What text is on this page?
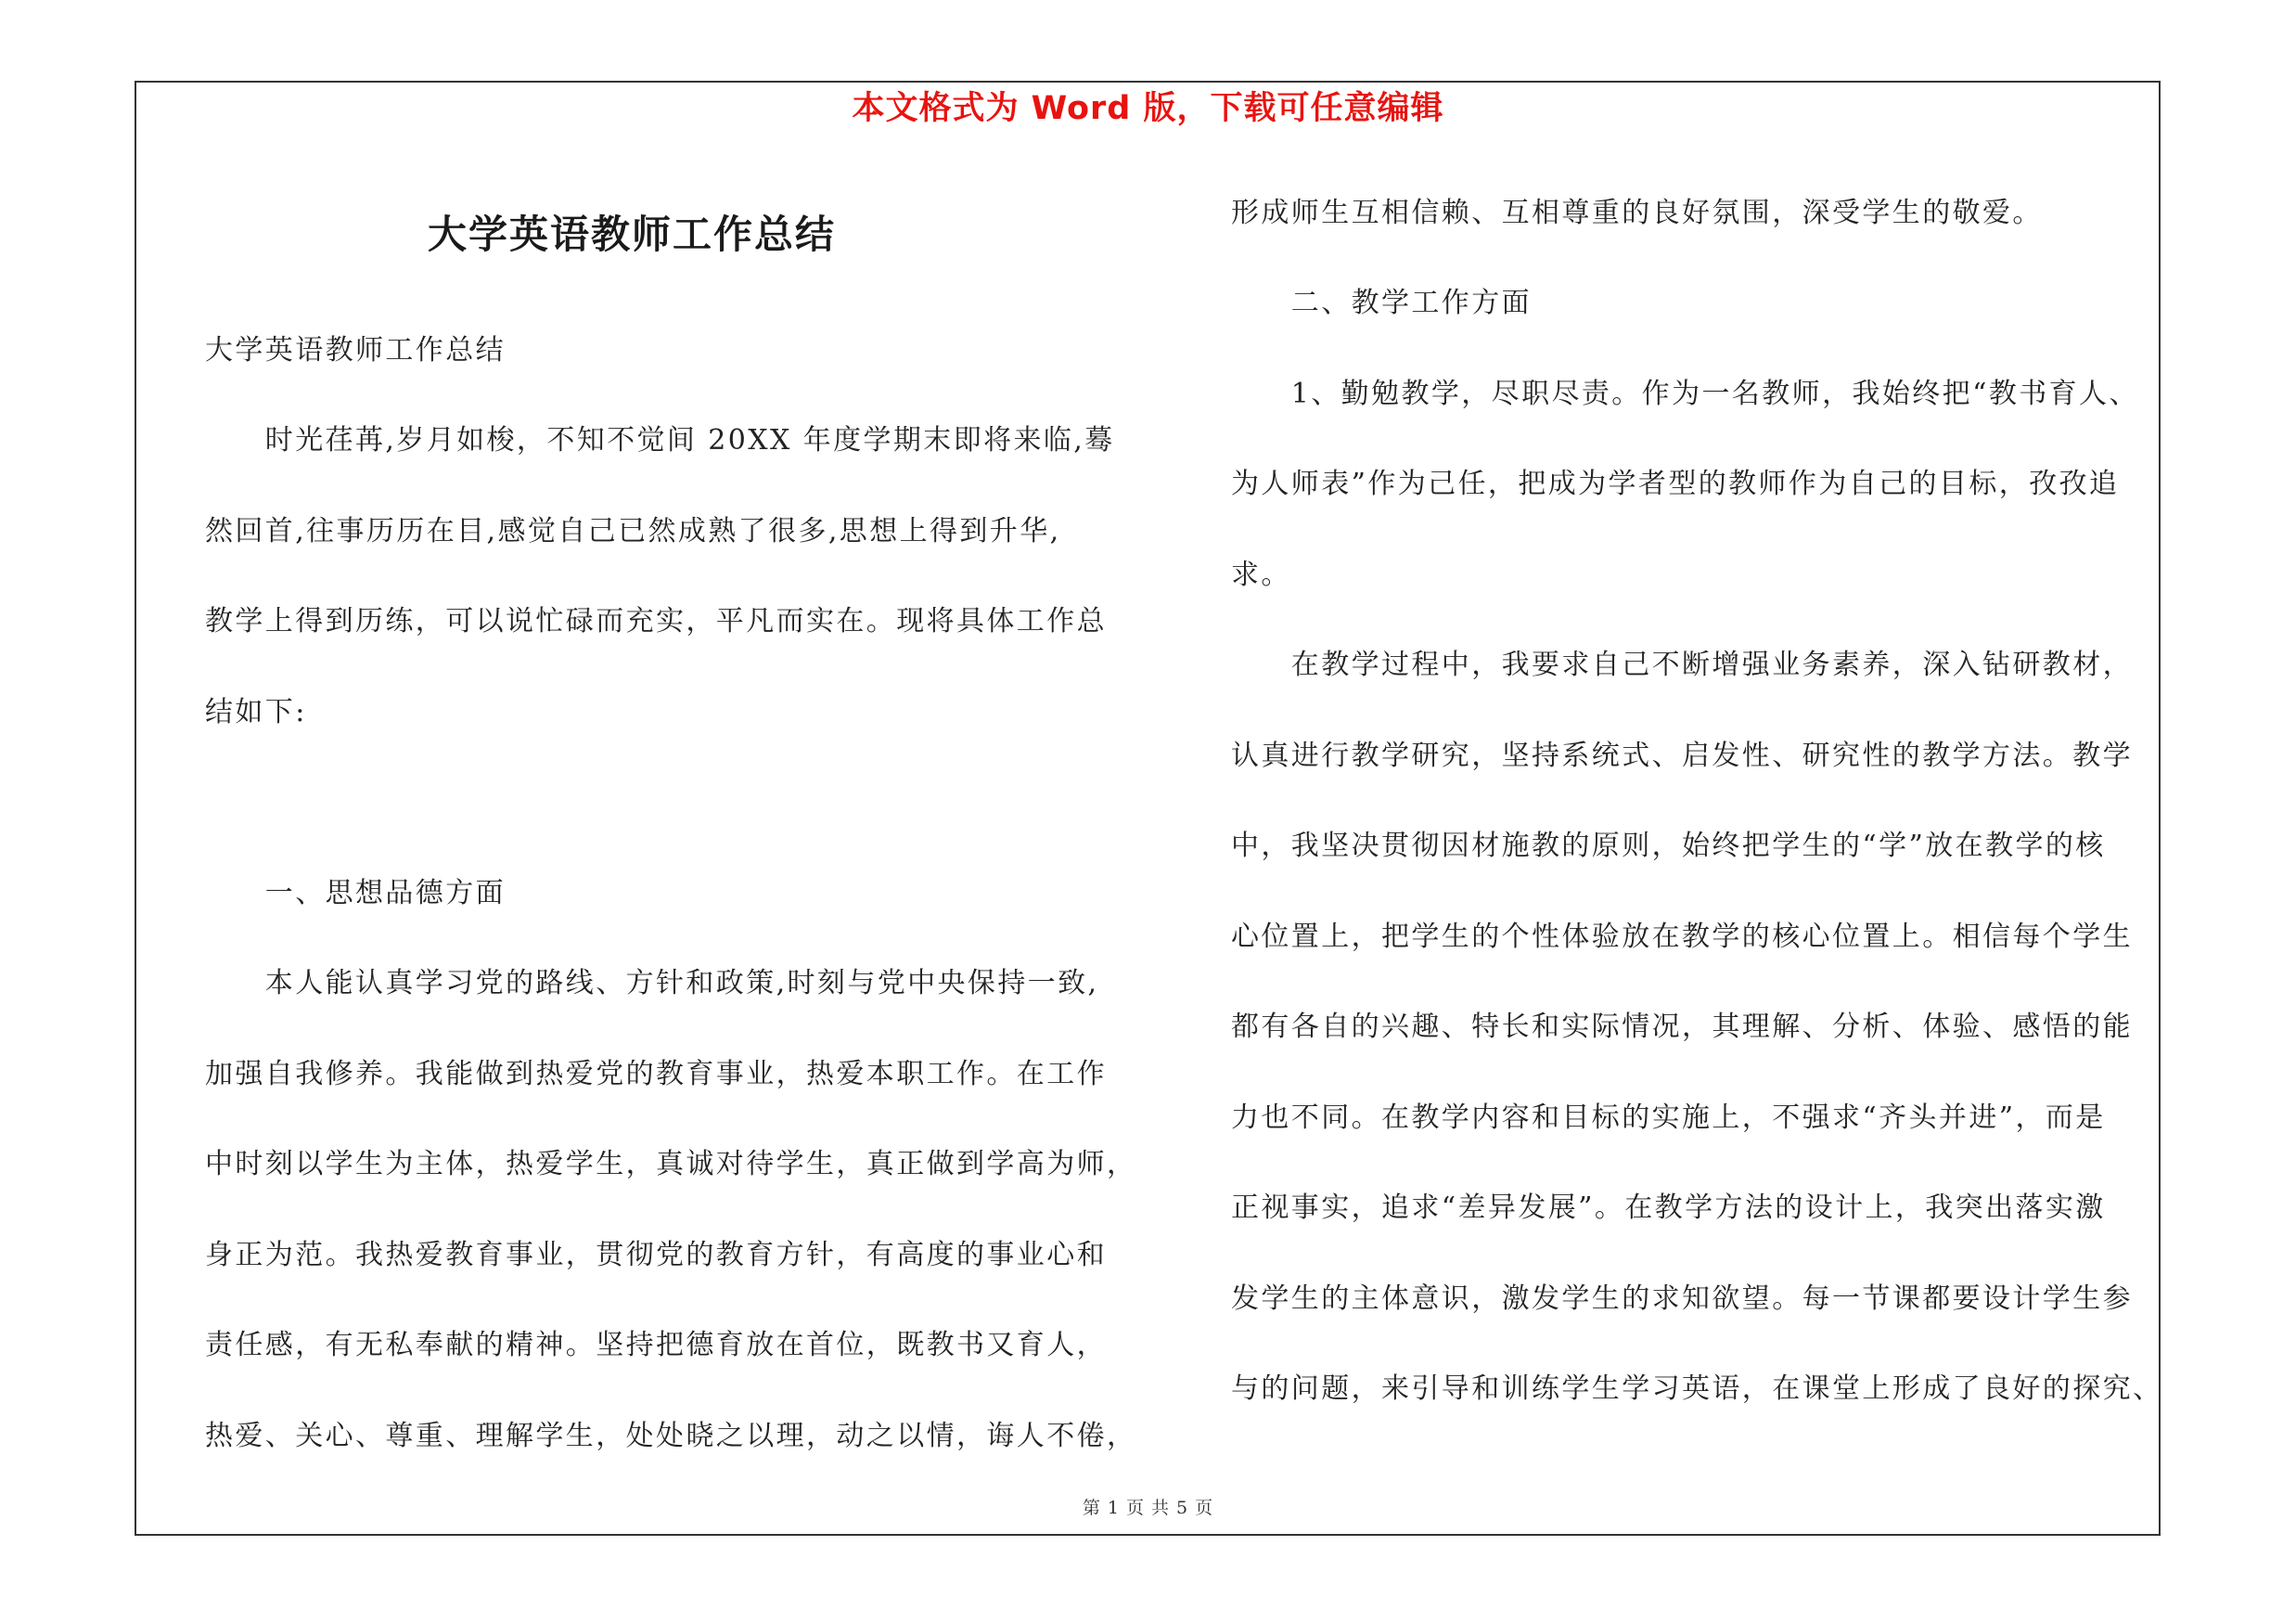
本文格式为 Word 版，下载可任意编辑
大学英语教师工作总结
大学英语教师工作总结
　　时光荏苒,岁月如梭，不知不觉间 20XX 年度学期末即将来临,蓦
然回首,往事历历在目,感觉自己已然成熟了很多,思想上得到升华,
教学上得到历练，可以说忙碌而充实，平凡而实在。现将具体工作总
结如下:
　　一、思想品德方面
　　本人能认真学习党的路线、方针和政策,时刻与党中央保持一致,
加强自我修养。我能做到热爱党的教育事业，热爱本职工作。在工作
中时刻以学生为主体，热爱学生，真诚对待学生，真正做到学高为师，
身正为范。我热爱教育事业，贯彻党的教育方针，有高度的事业心和
责任感，有无私奉献的精神。坚持把德育放在首位，既教书又育人，
热爱、关心、尊重、理解学生，处处晓之以理，动之以情，诲人不倦，
形成师生互相信赖、互相尊重的良好氛围，深受学生的敬爱。
　　二、教学工作方面
　　1、勤勉教学，尽职尽责。作为一名教师，我始终把“教书育人、
为人师表”作为己任，把成为学者型的教师作为自己的目标，孜孜追
求。
　　在教学过程中，我要求自己不断增强业务素养，深入钻研教材，
认真进行教学研究，坚持系统式、启发性、研究性的教学方法。教学
中，我坚决贯彻因材施教的原则，始终把学生的“学”放在教学的核
心位置上，把学生的个性体验放在教学的核心位置上。相信每个学生
都有各自的兴趣、特长和实际情况，其理解、分析、体验、感悟的能
力也不同。在教学内容和目标的实施上，不强求“齐头并进”，而是
正视事实，追求“差异发展”。在教学方法的设计上，我突出落实激
发学生的主体意识，激发学生的求知欲望。每一节课都要设计学生参
与的问题，来引导和训练学生学习英语，在课堂上形成了良好的探究、
第 1 页 共 5 页
